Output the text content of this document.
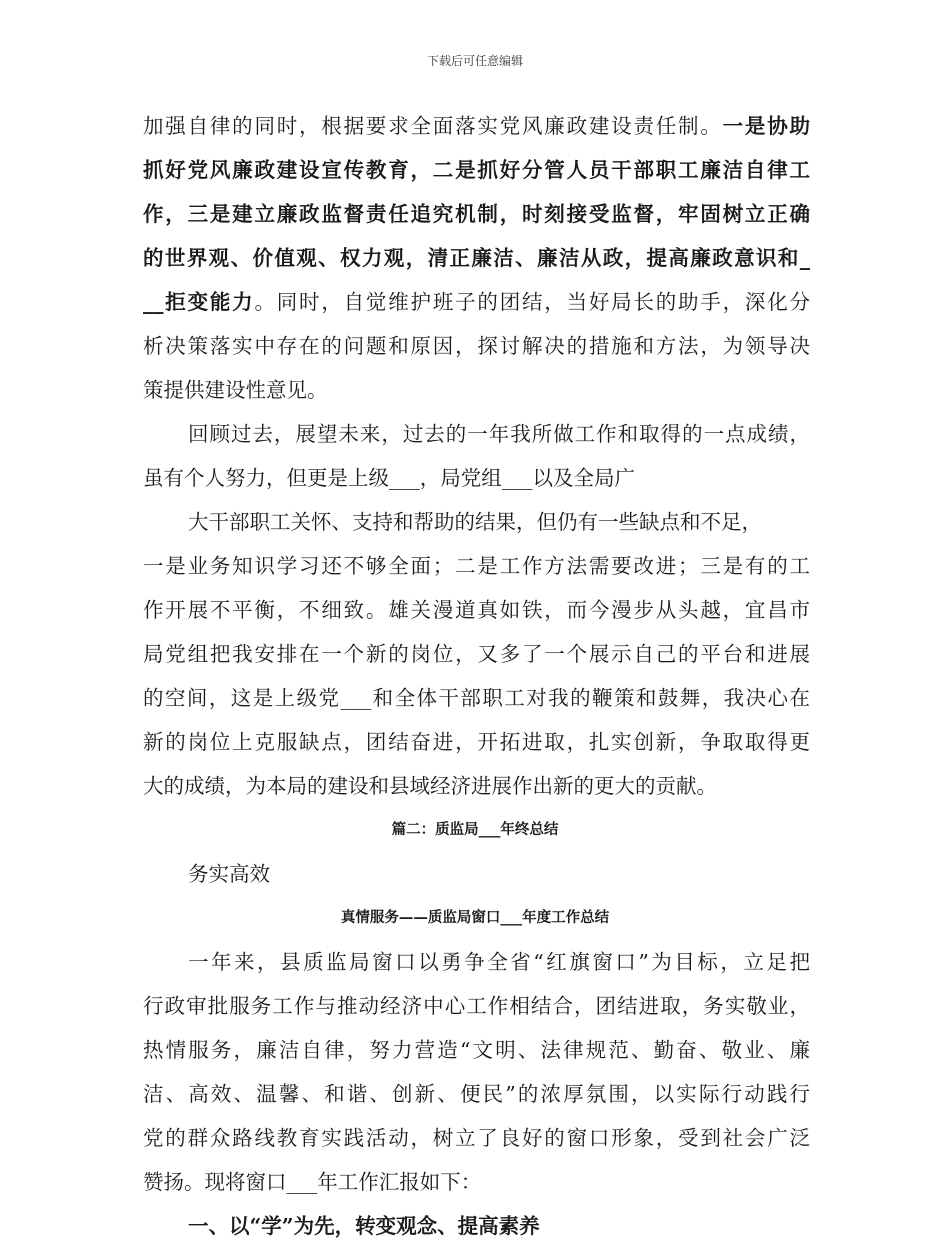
下载后可任意编辑
加强自律的同时，根据要求全面落实党风廉政建设责任制。一是协助
抓好党风廉政建设宣传教育，二是抓好分管人员干部职工廉洁自律工
作，三是建立廉政监督责任追究机制，时刻接受监督，牢固树立正确
的世界观、价值观、权力观，清正廉洁、廉洁从政，提高廉政意识和_
__拒变能力。同时，自觉维护班子的团结，当好局长的助手，深化分
析决策落实中存在的问题和原因，探讨解决的措施和方法，为领导决
策提供建设性意见。
回顾过去，展望未来，过去的一年我所做工作和取得的一点成绩，
虽有个人努力，但更是上级___，局党组___以及全局广
大干部职工关怀、支持和帮助的结果，但仍有一些缺点和不足，
一是业务知识学习还不够全面；二是工作方法需要改进；三是有的工
作开展不平衡，不细致。雄关漫道真如铁，而今漫步从头越，宜昌市
局党组把我安排在一个新的岗位，又多了一个展示自己的平台和进展
的空间，这是上级党___和全体干部职工对我的鞭策和鼓舞，我决心在
新的岗位上克服缺点，团结奋进，开拓进取，扎实创新，争取取得更
大的成绩，为本局的建设和县域经济进展作出新的更大的贡献。
篇二：质监局___年终总结
务实高效
真情服务——质监局窗口___年度工作总结
一年来，县质监局窗口以勇争全省“红旗窗口”为目标，立足把
行政审批服务工作与推动经济中心工作相结合，团结进取，务实敬业，
热情服务，廉洁自律，努力营造“文明、法律规范、勤奋、敬业、廉
洁、高效、温馨、和谐、创新、便民”的浓厚氛围，以实际行动践行
党的群众路线教育实践活动，树立了良好的窗口形象，受到社会广泛
赞扬。现将窗口___年工作汇报如下：
一、以“学”为先，转变观念、提高素养
